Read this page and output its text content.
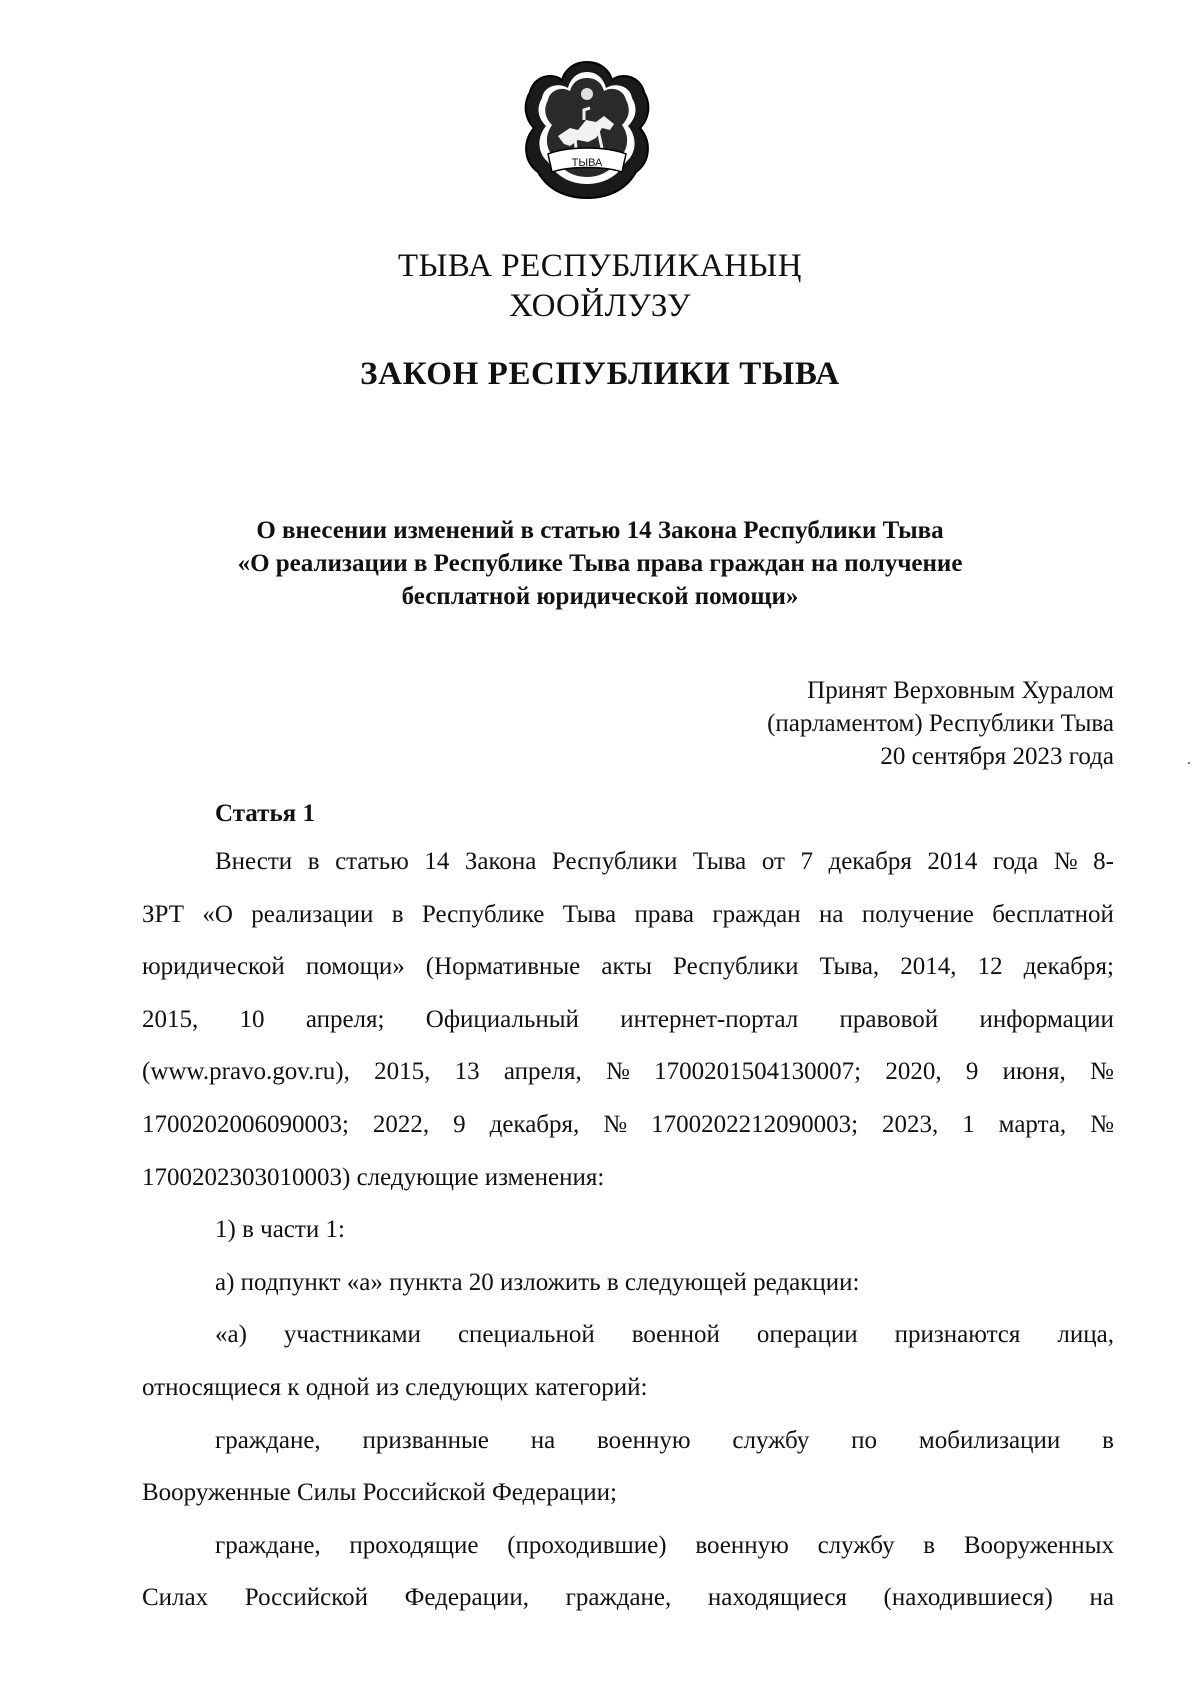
ТЫВА
ТЫВА РЕСПУБЛИКАНЫҢ
ХООЙЛУЗУ
ЗАКОН РЕСПУБЛИКИ ТЫВА
О внесении изменений в статью 14 Закона Республики Тыва
«О реализации в Республике Тыва права граждан на получение
бесплатной юридической помощи»
Принят Верховным Хуралом
(парламентом) Республики Тыва
20 сентября 2023 года
Статья 1
Внести в статью 14 Закона Республики Тыва от 7 декабря 2014 года № 8-
ЗРТ «О реализации в Республике Тыва права граждан на получение бесплатной
юридической помощи» (Нормативные акты Республики Тыва, 2014, 12 декабря;
2015, 10 апреля; Официальный интернет-портал правовой информации
(www.pravo.gov.ru), 2015, 13 апреля, № 1700201504130007; 2020, 9 июня, №
1700202006090003; 2022, 9 декабря, № 1700202212090003; 2023, 1 марта, №
1700202303010003) следующие изменения:
1) в части 1:
а) подпункт «а» пункта 20 изложить в следующей редакции:
«а) участниками специальной военной операции признаются лица,
относящиеся к одной из следующих категорий:
граждане, призванные на военную службу по мобилизации в
Вооруженные Силы Российской Федерации;
граждане, проходящие (проходившие) военную службу в Вооруженных
Силах Российской Федерации, граждане, находящиеся (находившиеся) на
